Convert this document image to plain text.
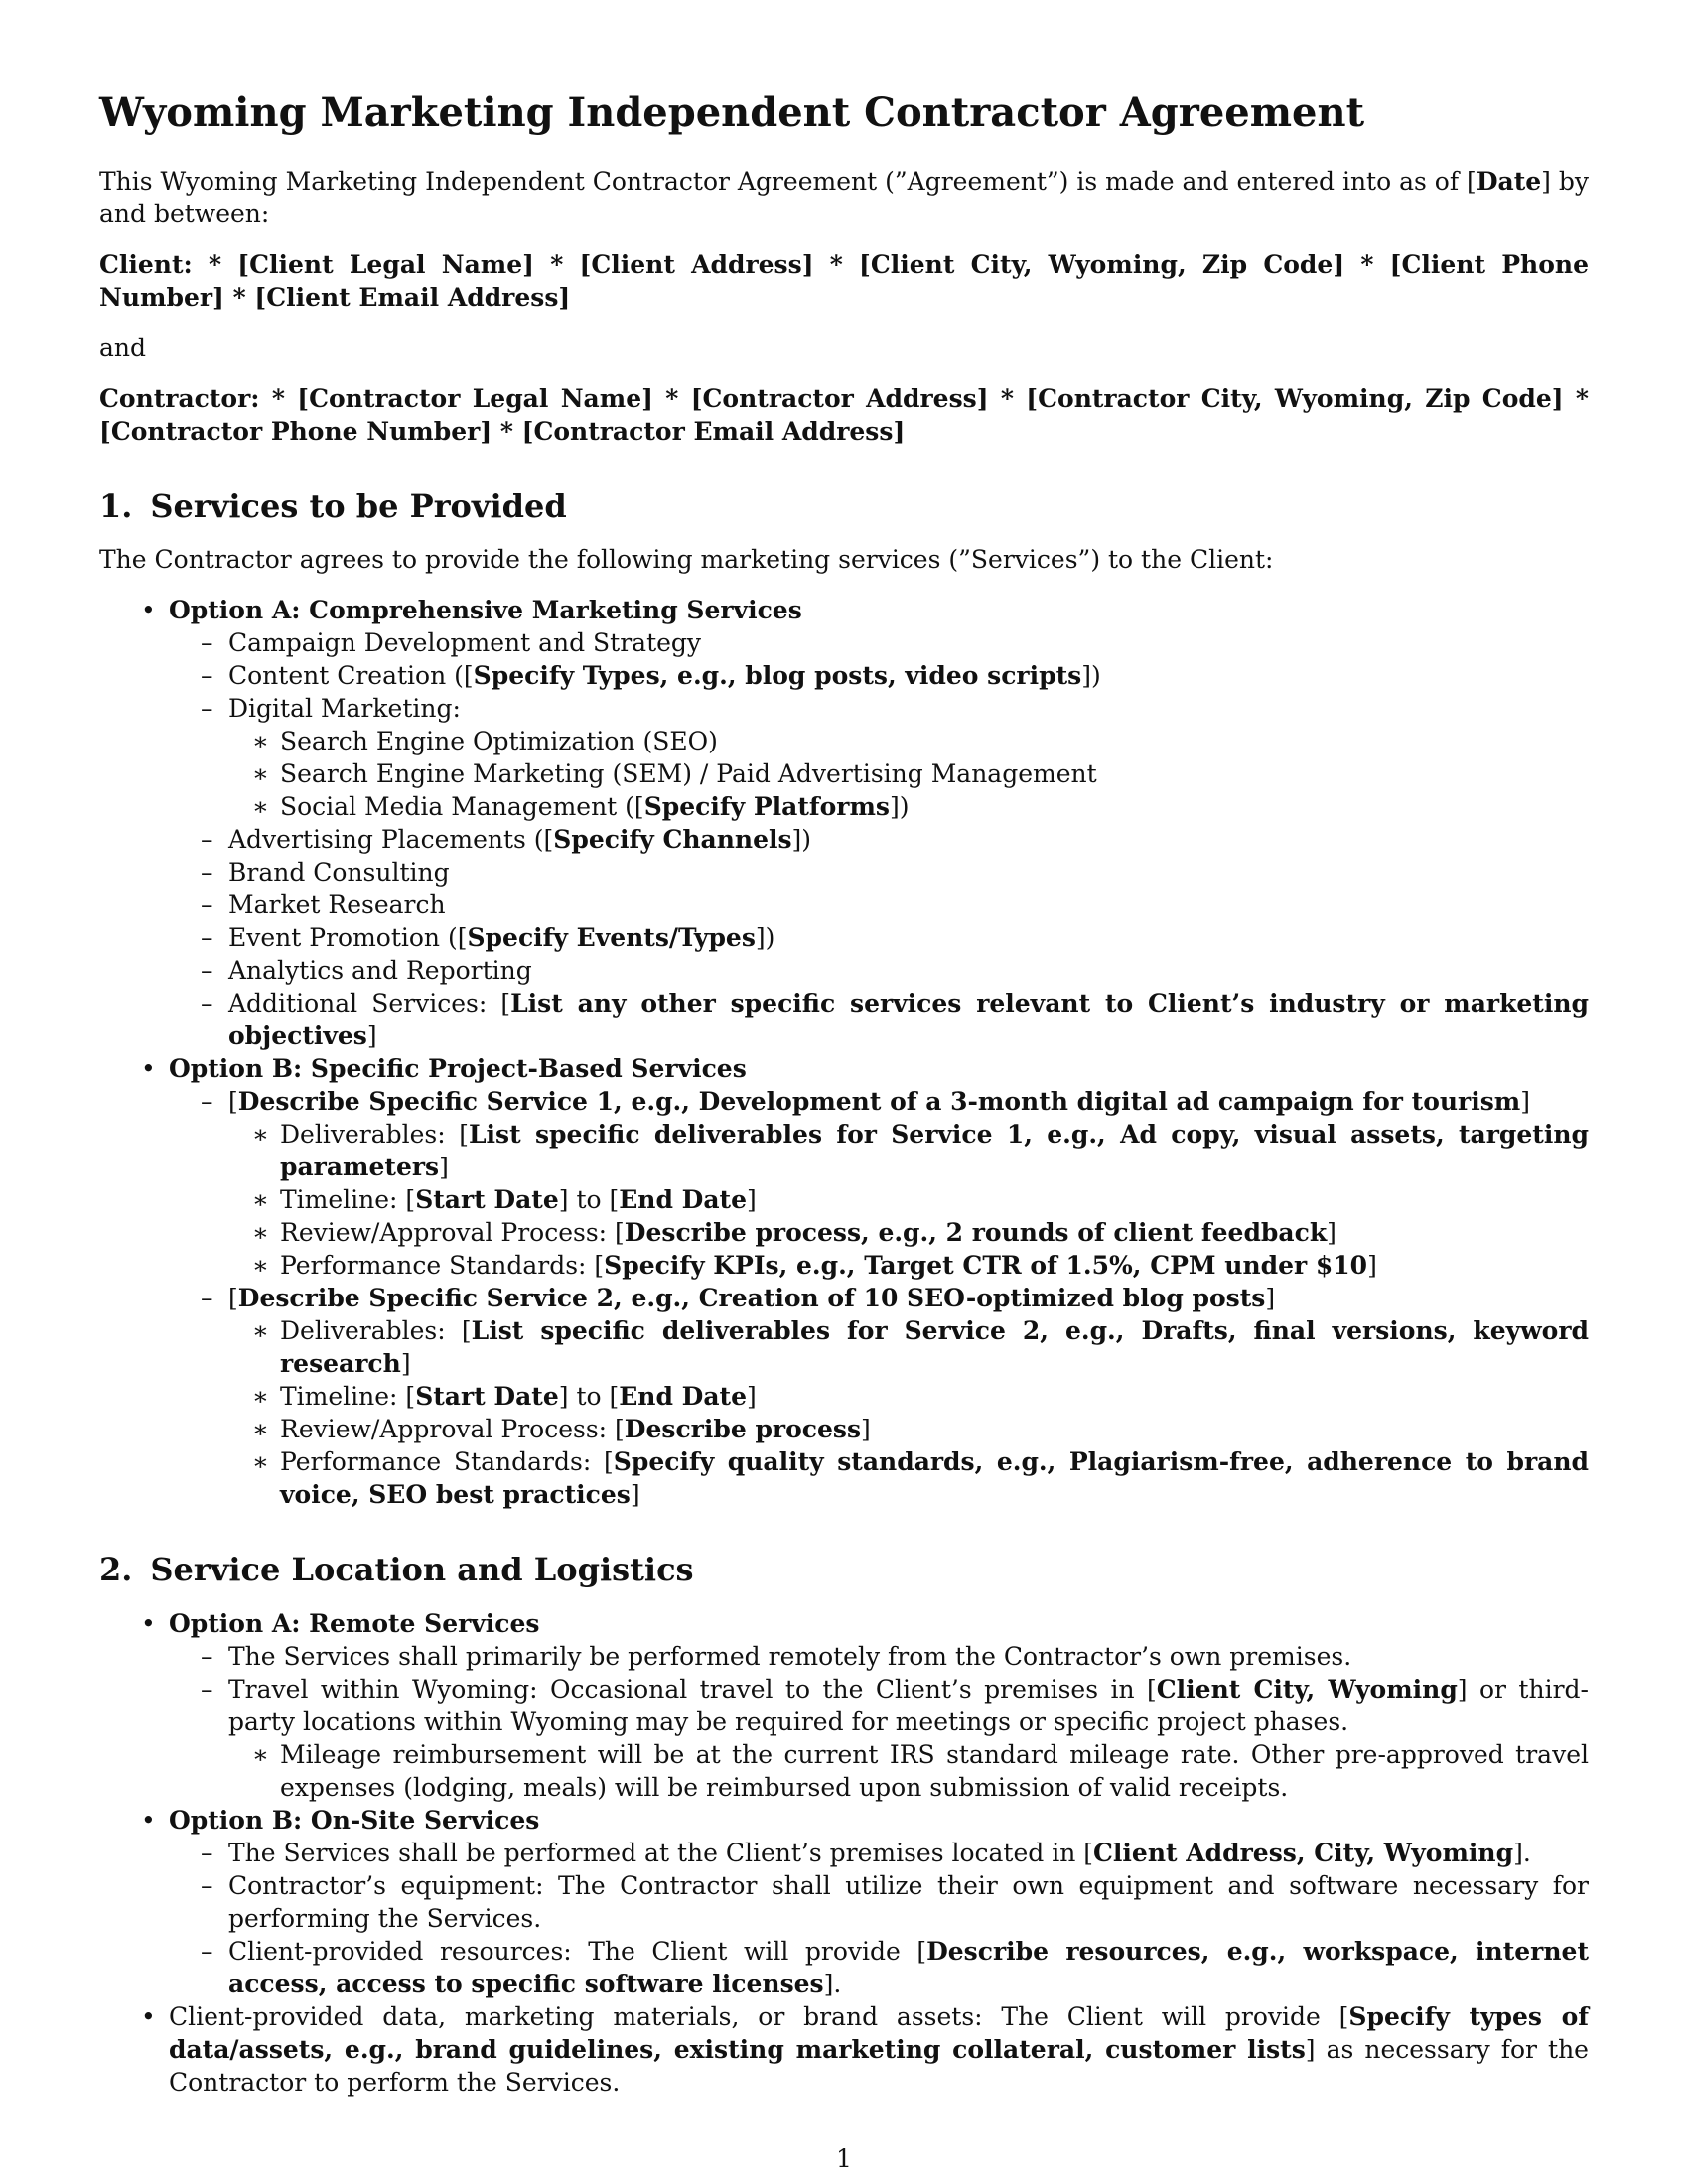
Wyoming Marketing Independent Contractor Agreement

This Wyoming Marketing Independent Contractor Agreement (”Agreement”) is made and entered into as of [Date] by and between:

Client: * [Client Legal Name] * [Client Address] * [Client City, Wyoming, Zip Code] * [Client Phone Number] * [Client Email Address]

and

Contractor: * [Contractor Legal Name] * [Contractor Address] * [Contractor City, Wyoming, Zip Code] * [Contractor Phone Number] * [Contractor Email Address]

1. Services to be Provided

The Contractor agrees to provide the following marketing services (”Services”) to the Client:

• Option A: Comprehensive Marketing Services
– Campaign Development and Strategy
– Content Creation ([Specify Types, e.g., blog posts, video scripts])
– Digital Marketing:
∗ Search Engine Optimization (SEO)
∗ Search Engine Marketing (SEM) / Paid Advertising Management
∗ Social Media Management ([Specify Platforms])
– Advertising Placements ([Specify Channels])
– Brand Consulting
– Market Research
– Event Promotion ([Specify Events/Types])
– Analytics and Reporting
– Additional Services: [List any other specific services relevant to Client’s industry or marketing objectives]
• Option B: Specific Project-Based Services
– [Describe Specific Service 1, e.g., Development of a 3-month digital ad campaign for tourism]
∗ Deliverables: [List specific deliverables for Service 1, e.g., Ad copy, visual assets, targeting parameters]
∗ Timeline: [Start Date] to [End Date]
∗ Review/Approval Process: [Describe process, e.g., 2 rounds of client feedback]
∗ Performance Standards: [Specify KPIs, e.g., Target CTR of 1.5%, CPM under $10]
– [Describe Specific Service 2, e.g., Creation of 10 SEO-optimized blog posts]
∗ Deliverables: [List specific deliverables for Service 2, e.g., Drafts, final versions, keyword research]
∗ Timeline: [Start Date] to [End Date]
∗ Review/Approval Process: [Describe process]
∗ Performance Standards: [Specify quality standards, e.g., Plagiarism-free, adherence to brand voice, SEO best practices]
2. Service Location and Logistics
• Option A: Remote Services
– The Services shall primarily be performed remotely from the Contractor’s own premises.
– Travel within Wyoming: Occasional travel to the Client’s premises in [Client City, Wyoming] or third-party locations within Wyoming may be required for meetings or specific project phases.
∗ Mileage reimbursement will be at the current IRS standard mileage rate. Other pre-approved travel expenses (lodging, meals) will be reimbursed upon submission of valid receipts.
• Option B: On-Site Services
– The Services shall be performed at the Client’s premises located in [Client Address, City, Wyoming].
– Contractor’s equipment: The Contractor shall utilize their own equipment and software necessary for performing the Services.
– Client-provided resources: The Client will provide [Describe resources, e.g., workspace, internet access, access to specific software licenses].
• Client-provided data, marketing materials, or brand assets: The Client will provide [Specify types of data/assets, e.g., brand guidelines, existing marketing collateral, customer lists] as necessary for the Contractor to perform the Services.
1
